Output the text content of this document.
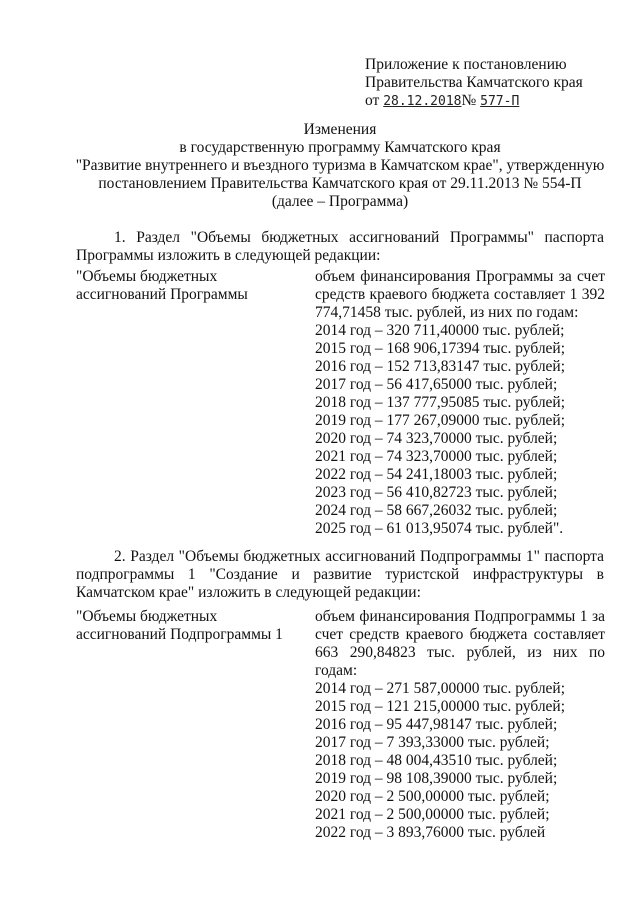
Приложение к постановлению
Правительства Камчатского края
от 28.12.2018№ 577-П
Изменения
в государственную программу Камчатского края
"Развитие внутреннего и въездного туризма в Камчатском крае", утвержденную
постановлением Правительства Камчатского края от 29.11.2013 № 554-П
(далее – Программа)
1. Раздел "Объемы бюджетных ассигнований Программы" паспорта Программы изложить в следующей редакции:
"Объемы бюджетных
ассигнований Программы
объем финансирования Программы за счет средств краевого бюджета составляет 1 392 774,71458 тыс. рублей, из них по годам:
2014 год – 320 711,40000 тыс. рублей;
2015 год – 168 906,17394 тыс. рублей;
2016 год – 152 713,83147 тыс. рублей;
2017 год – 56 417,65000 тыс. рублей;
2018 год – 137 777,95085 тыс. рублей;
2019 год – 177 267,09000 тыс. рублей;
2020 год – 74 323,70000 тыс. рублей;
2021 год – 74 323,70000 тыс. рублей;
2022 год – 54 241,18003 тыс. рублей;
2023 год – 56 410,82723 тыс. рублей;
2024 год – 58 667,26032 тыс. рублей;
2025 год – 61 013,95074 тыс. рублей".
2. Раздел "Объемы бюджетных ассигнований Подпрограммы 1" паспорта подпрограммы 1 "Создание и развитие туристской инфраструктуры в Камчатском крае" изложить в следующей редакции:
"Объемы бюджетных
ассигнований Подпрограммы 1
объем финансирования Подпрограммы 1 за счет средств краевого бюджета составляет 663 290,84823 тыс. рублей, из них по годам:
2014 год – 271 587,00000 тыс. рублей;
2015 год – 121 215,00000 тыс. рублей;
2016 год – 95 447,98147 тыс. рублей;
2017 год – 7 393,33000 тыс. рублей;
2018 год – 48 004,43510 тыс. рублей;
2019 год – 98 108,39000 тыс. рублей;
2020 год – 2 500,00000 тыс. рублей;
2021 год – 2 500,00000 тыс. рублей;
2022 год – 3 893,76000 тыс. рублей
